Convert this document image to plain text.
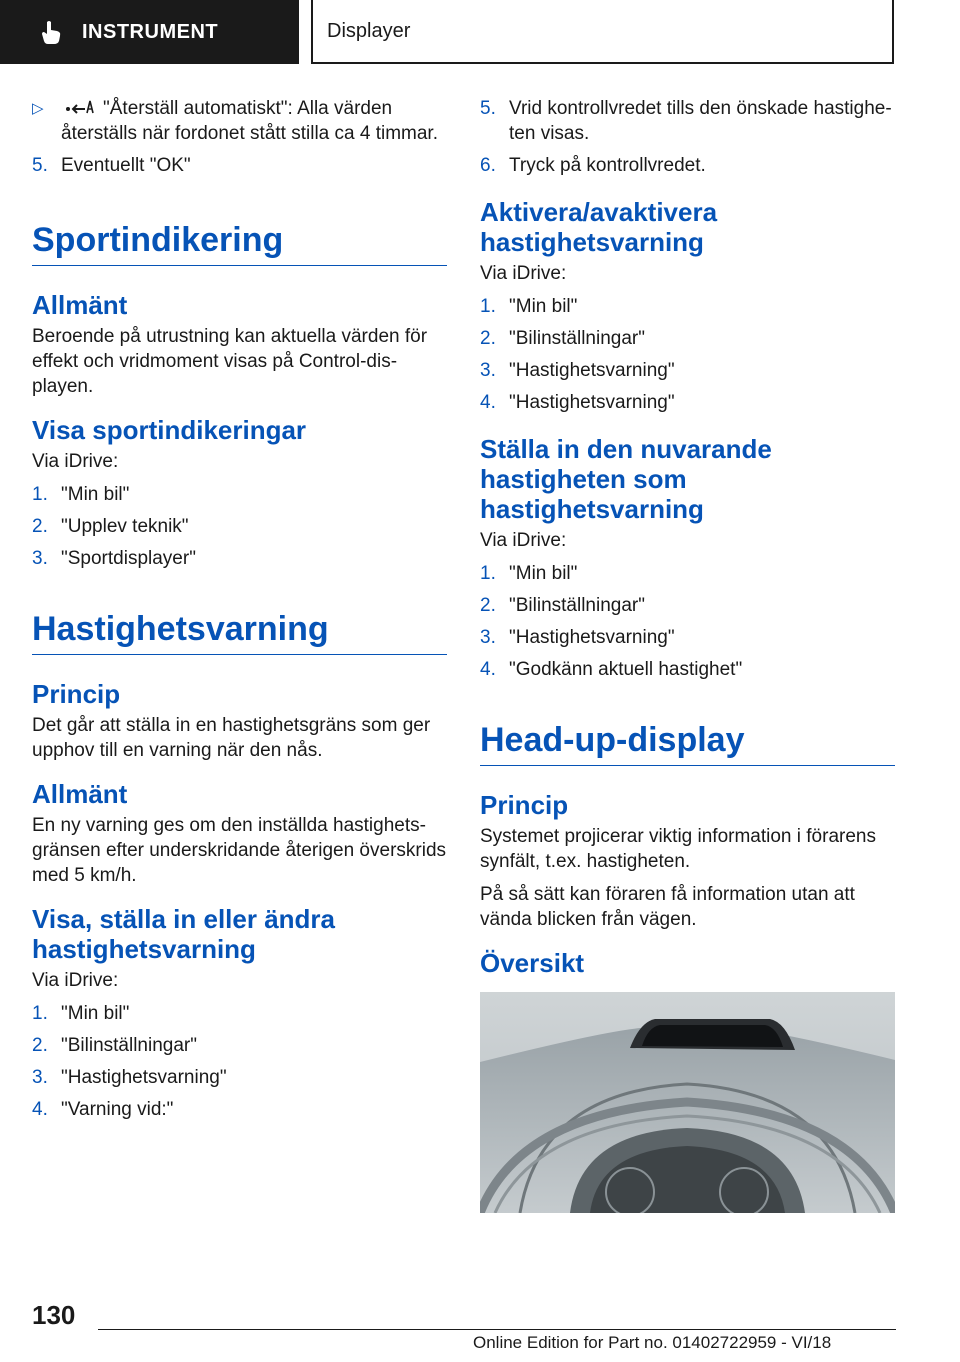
INSTRUMENT	Displayer
▷	"Återställ automatiskt": Alla värden återställs när fordonet stått stilla ca 4 timmar.
5. Eventuellt "OK"
Sportindikering
Allmänt

Beroende på utrustning kan aktuella värden för effekt och vridmoment visas på Control-displayen.

Visa sportindikeringar

Via iDrive:

1. "Min bil"
2. "Upplev teknik"
3. "Sportdisplayer"
Hastighetsvarning
Princip

Det går att ställa in en hastighetsgräns som ger upphov till en varning när den nås.

Allmänt

En ny varning ges om den inställda hastighetsgränsen efter underskridande återigen överskrids med 5 km/h.

Visa, ställa in eller ändra hastighetsvarning

Via iDrive:

1. "Min bil"
2. "Bilinställningar"
3. "Hastighetsvarning"
4. "Varning vid:"
5. Vrid kontrollvredet tills den önskade hastigheten visas.
6. Tryck på kontrollvredet.
Aktivera/avaktivera hastighetsvarning

Via iDrive:

1. "Min bil"
2. "Bilinställningar"
3. "Hastighetsvarning"
4. "Hastighetsvarning"
Ställa in den nuvarande hastigheten som hastighetsvarning

Via iDrive:

1. "Min bil"
2. "Bilinställningar"
3. "Hastighetsvarning"
4. "Godkänn aktuell hastighet"
Head-up-display
Princip

Systemet projicerar viktig information i förarens synfält, t.ex. hastigheten.

På så sätt kan föraren få information utan att vända blicken från vägen.

Översikt
130
Online Edition for Part no. 01402722959 - VI/18
